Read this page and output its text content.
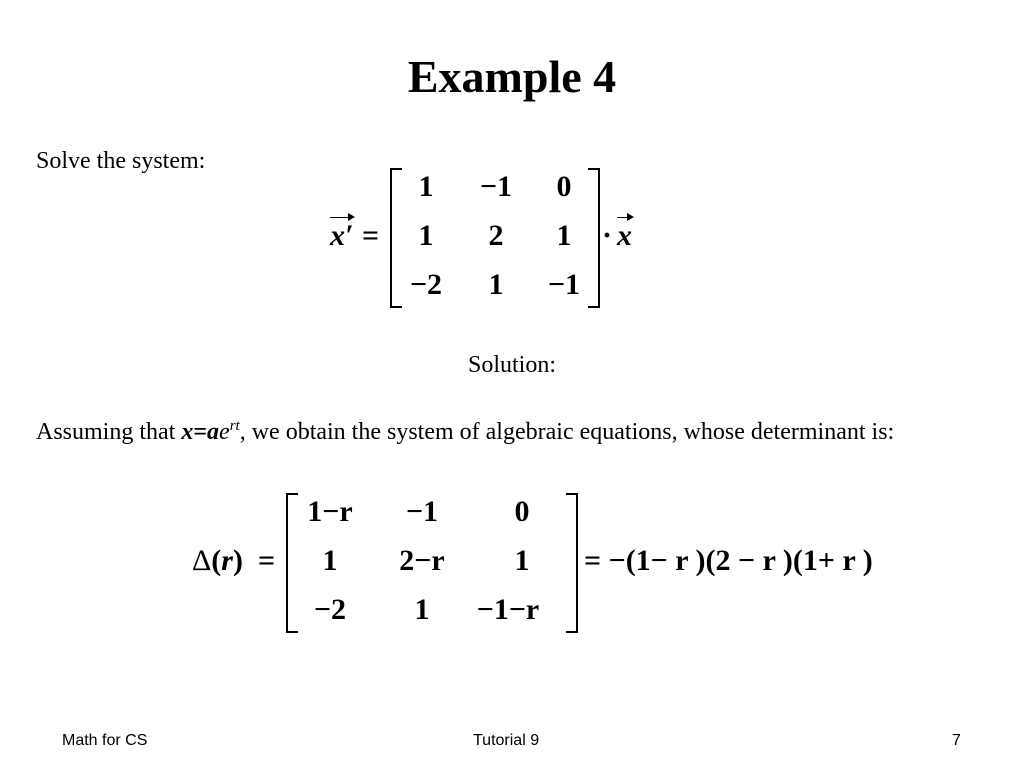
Example 4
Solve the system:
x′ =
1 −1 0
1 2 1
−2 1 −1
· x
Solution:
Assuming that $x=ae^{rt}$, we obtain the system of algebraic equations, whose determinant is:
Δ(r) =
1−r −1	0
1 2−r 1
−2 1 −1−r
= −(1− r )(2 − r )(1+ r )
Math for CS	Tutorial 9	7
